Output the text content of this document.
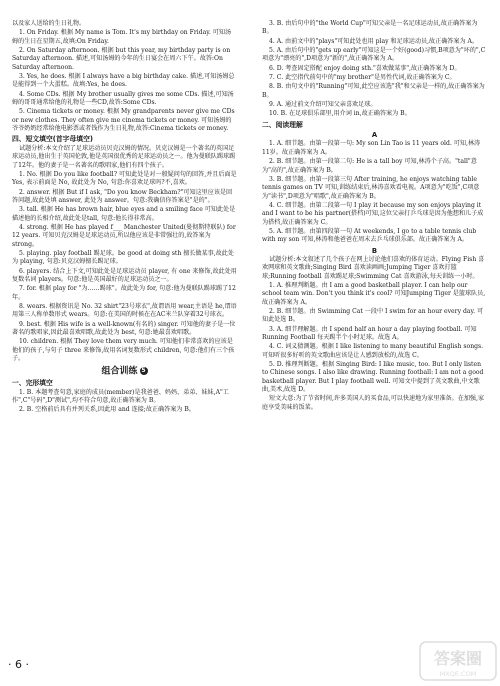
以及家人送给的生日礼物。
1. On Friday. 根据 My name is Tom. It's my birthday on Friday. 可知汤姆的生日在星期五,故填:On Friday.
2. On Saturday afternoon. 根据 but this year, my birthday party is on Saturday afternoon. 描述,可知汤姆的今年的生日宴会在周六下午。故答:On Saturday afternoon.
3. Yes, he does. 根据 I always have a big birthday cake. 描述,可知汤姆总是能得到一个大蛋糕。故填:Yes, he does.
4. Some CDs. 根据 My brother usually gives me some CDs. 描述,可知汤姆的哥哥通常给他的礼物是一些CD,故答:Some CDs.
5. Cinema tickets or money. 根据 My grandparents never give me CDs or new clothes. They often give me cinema tickets or money. 可知汤姆的爷爷奶奶经常给他电影票或者钱作为生日礼物,故答:Cinema tickets or money.
四、短文填空(首字母填空)
试题分析:本文介绍了足球运动员贝克汉姆的情况。贝克汉姆是一个著名的英国足球运动员,他出生于英国伦敦,他是英国很优秀的足球运动员之一。他为曼联队踢球踢了12年。他的妻子是一名著名的歌唱家,他们有四个孩子。
1. No. 根据 Do you like football? 可知此处是对一般疑问句的回答,并且后面是 Yes, 表示前面是 No, 故此处为 No, 句意:你喜欢足球吗?不,喜欢。
2. answer. 根据 But if I ask, "Do you know Beckham?"可知这里应该是回答问题,故此处填 answer, 此处为 answer。句意:我确信你答案是"是的"。
3. tall. 根据 He has brown hair, blue eyes and a smiling face 可知此处是描述他的长相介绍,故此处是tall, 句意:他长得非常高。
4. strong. 根据 He has played f___ Manchester United(曼彻斯特联队) for 12 years. 可知贝克汉姆是足球运动员,所以他应该是非常强壮的,故答案为 strong。
5. playing. play football 踢足球。be good at doing sth 擅长做某事,故此处为 playing, 句意:贝克汉姆擅长踢足球。
6. players. 结合上下文,可知此处是足球运动员 player, 有 one 来修饰,故此处用复数名词 players。句意:他是英国最好的足球运动员之一。
7. for. 根据 play for "为……踢球"。故此处为 for, 句意:他为曼联队踢球踢了12年。
8. wears. 根据资讯是 No. 32 shirt"23号球衣",故谓语用 wear,主语是 he,谓语用第三人称单数形式 wears。句意:在美国的时候在在AC米兰队穿着32号球衣。
9. best. 根据 His wife is a well-known(有名的) singer. 可知他的妻子是一位著名的歌唱家,因此最喜欢唱歌,故此处为 best, 句意:她最喜欢唱歌。
10. children. 根据 They love them very much. 可知他们非常喜欢的应该是他们的孩子,与句子 three 来修饰,故用名词复数形式 children, 句意:他们有三个孩子。
组合训练 5
一、完形填空
1. B. 本题考查句意,家庭的成员(member)是我爸爸、妈妈、弟弟、妹妹,A"工作",C"号码",D"测试",均不符合句意,故正确答案为 B。
2. B. 空格前后具有并列关系,因此用 and 连接;故正确答案为 B。
3. B. 由后句中的"the World Cup"可知父亲是一名足球运动员,故正确答案为 B。
4. A. 由前文中的"plays"可知此处也用 play 和足球运动员,故正确答案为 A。
5. A. 由后句中的"gets up early"可知这是一个好(good)习惯,B项意为"坏的",C项意为"漂亮的",D项意为"新的",故正确答案为 A。
6. D. 考查固定搭配 enjoy doing sth."喜欢做某事",故正确答案为 D。
7. C. 此空指代前句中的"my brother"是男性代词,故正确答案为 C。
8. B. 由句文中的"Running"可知,此空应该选"我"和父亲是一样的,故正确答案为 B。
9. A. 通过前文介绍可知父亲喜欢足球。
10. B. 在足球俱乐部里,用介词 in,故正确答案为 B。
二、阅读理解
A
1. A. 细节题。由第一段第一句: My son Lin Tao is 11 years old. 可知,林涛11岁。故正确答案为 A。
2. B. 细节题。由第一段第二句: He is a tall boy 可知,林涛个子高。"tall"意为"高的",故正确答案为 B。
3. B. 细节题。由第一段第三句 After training, he enjoys watching table tennis games on TV 可知,训练结束后,林涛喜欢看电视。A项意为"吃饭",C项意为"读书",D项意为"唱歌",故正确答案为 B。
4. C. 细节题。由第二段第一句 I play it because my son enjoys playing it and I want to be his partner(搭档)可知,这位父亲打乒乓球是因为他想和儿子成为搭档,故正确答案为 C。
5. A. 细节题。由第四段第一句 At weekends, I go to a table tennis club with my son 可知,林涛和他爸爸在周末去乒乓球俱乐部。故正确答案为 A。
B
试题分析:本文叙述了几个孩子在网上讨论他们喜欢的体育运动。Flying Fish 喜欢网球和英文歌曲;Singing Bird 喜欢读画画;Jumping Tiger 喜欢打篮球;Running football 喜欢踢足球;Swimming Cat 喜欢游泳,每天训练一小时。
1. A. 推理判断题。由 I am a good basketball player. I can help our school team win. Don't you think it's cool? 可知Jumping Tiger 是篮球队员,故正确答案为 A。
2. B. 细节题。由 Swimming Cat 一段中 I swim for an hour every day. 可知此处选 B。
3. A. 细节理解题。由 I spend half an hour a day playing football. 可知 Running Football 每天踢半个小时足球。故选 A。
4. C. 词义猜测题。根据 I like listening to many beautiful English songs. 可知听很多好听的英文歌曲应该是让人感到放松的,故选 C。
5. D. 推理判断题。根据 Singing Bird: I like music, too. But I only listen to Chinese songs. I also like drawing. Running football: I am not a good basketball player. But I play football well. 可知文中提到了英文歌曲,中文歌曲,美术,故选 D。
短文大意:为了节省时间,许多美国人的买食品,可以快速地为家里准备。在加强,家庭享受美味的饭菜。
· 6 ·	答案圈
MXQE.COM
